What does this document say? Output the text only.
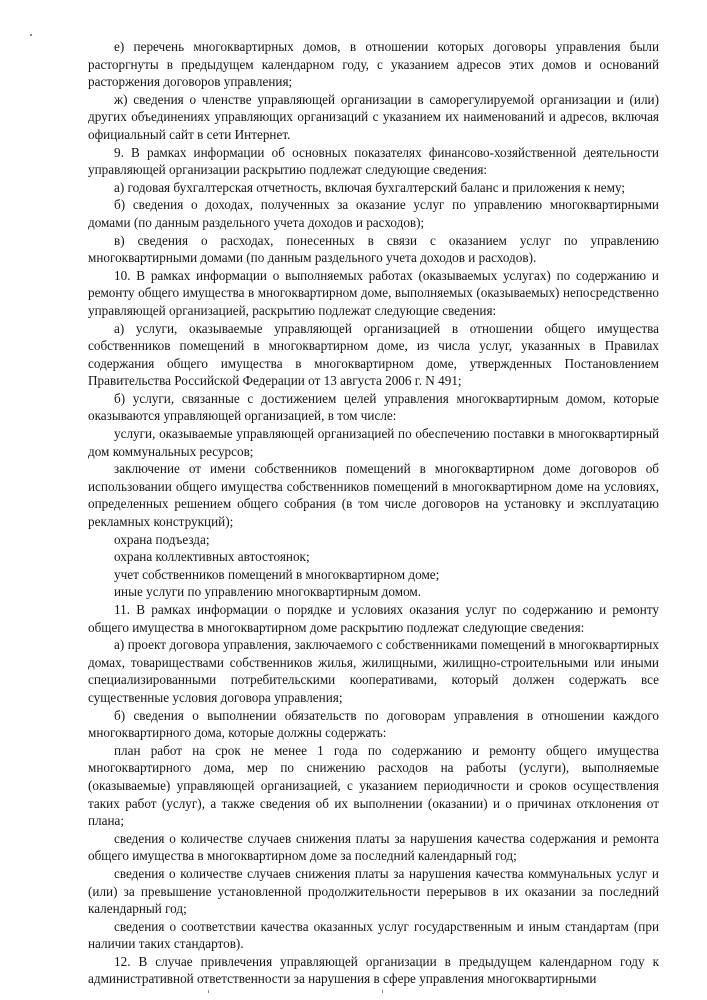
е) перечень многоквартирных домов, в отношении которых договоры управления были расторгнуты в предыдущем календарном году, с указанием адресов этих домов и оснований расторжения договоров управления;

ж) сведения о членстве управляющей организации в саморегулируемой организации и (или) других объединениях управляющих организаций с указанием их наименований и адресов, включая официальный сайт в сети Интернет.

9. В рамках информации об основных показателях финансово-хозяйственной деятельности управляющей организации раскрытию подлежат следующие сведения:

а) годовая бухгалтерская отчетность, включая бухгалтерский баланс и приложения к нему;

б) сведения о доходах, полученных за оказание услуг по управлению многоквартирными домами (по данным раздельного учета доходов и расходов);

в) сведения о расходах, понесенных в связи с оказанием услуг по управлению многоквартирными домами (по данным раздельного учета доходов и расходов).

10. В рамках информации о выполняемых работах (оказываемых услугах) по содержанию и ремонту общего имущества в многоквартирном доме, выполняемых (оказываемых) непосредственно управляющей организацией, раскрытию подлежат следующие сведения:

а) услуги, оказываемые управляющей организацией в отношении общего имущества собственников помещений в многоквартирном доме, из числа услуг, указанных в Правилах содержания общего имущества в многоквартирном доме, утвержденных Постановлением Правительства Российской Федерации от 13 августа 2006 г. N 491;

б) услуги, связанные с достижением целей управления многоквартирным домом, которые оказываются управляющей организацией, в том числе:

услуги, оказываемые управляющей организацией по обеспечению поставки в многоквартирный дом коммунальных ресурсов;

заключение от имени собственников помещений в многоквартирном доме договоров об использовании общего имущества собственников помещений в многоквартирном доме на условиях, определенных решением общего собрания (в том числе договоров на установку и эксплуатацию рекламных конструкций);

охрана подъезда;

охрана коллективных автостоянок;

учет собственников помещений в многоквартирном доме;

иные услуги по управлению многоквартирным домом.

11. В рамках информации о порядке и условиях оказания услуг по содержанию и ремонту общего имущества в многоквартирном доме раскрытию подлежат следующие сведения:

а) проект договора управления, заключаемого с собственниками помещений в многоквартирных домах, товариществами собственников жилья, жилищными, жилищно-строительными или иными специализированными потребительскими кооперативами, который должен содержать все существенные условия договора управления;

б) сведения о выполнении обязательств по договорам управления в отношении каждого многоквартирного дома, которые должны содержать:

план работ на срок не менее 1 года по содержанию и ремонту общего имущества многоквартирного дома, мер по снижению расходов на работы (услуги), выполняемые (оказываемые) управляющей организацией, с указанием периодичности и сроков осуществления таких работ (услуг), а также сведения об их выполнении (оказании) и о причинах отклонения от плана;

сведения о количестве случаев снижения платы за нарушения качества содержания и ремонта общего имущества в многоквартирном доме за последний календарный год;

сведения о количестве случаев снижения платы за нарушения качества коммунальных услуг и (или) за превышение установленной продолжительности перерывов в их оказании за последний календарный год;

сведения о соответствии качества оказанных услуг государственным и иным стандартам (при наличии таких стандартов).

12. В случае привлечения управляющей организации в предыдущем календарном году к административной ответственности за нарушения в сфере управления многоквартирными
